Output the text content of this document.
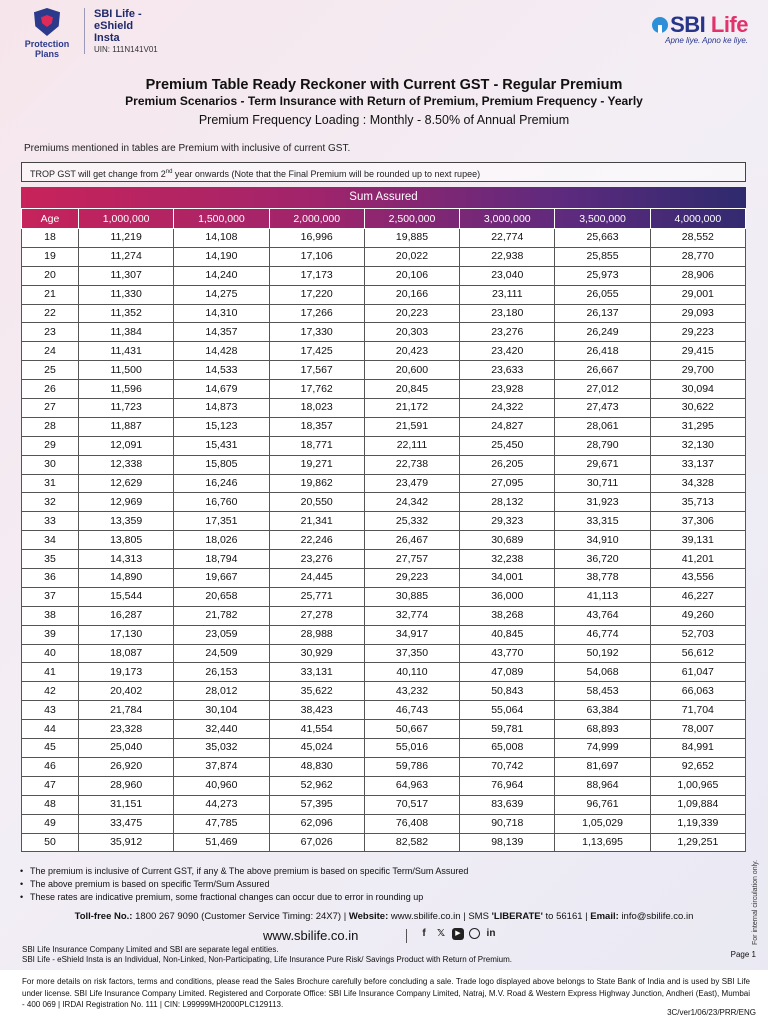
Protection Plans
SBI Life -
eShield
Insta
UIN: 111N141V01
SBI Life
Apne liye. Apno ke liye.
Premium Table Ready Reckoner with Current GST - Regular Premium
Premium Scenarios - Term Insurance with Return of Premium, Premium Frequency - Yearly
Premium Frequency Loading : Monthly - 8.50% of Annual Premium
Premiums mentioned in tables are Premium with inclusive of current GST.
TROP GST will get change from 2nd year onwards (Note that the Final Premium will be rounded up to next rupee)
Sum Assured
Age	1,000,000	1,500,000	2,000,000	2,500,000	3,000,000	3,500,000	4,000,000
18	11,219	14,108	16,996	19,885	22,774	25,663	28,552
19	11,274	14,190	17,106	20,022	22,938	25,855	28,770
20	11,307	14,240	17,173	20,106	23,040	25,973	28,906
21	11,330	14,275	17,220	20,166	23,111	26,055	29,001
22	11,352	14,310	17,266	20,223	23,180	26,137	29,093
23	11,384	14,357	17,330	20,303	23,276	26,249	29,223
24	11,431	14,428	17,425	20,423	23,420	26,418	29,415
25	11,500	14,533	17,567	20,600	23,633	26,667	29,700
26	11,596	14,679	17,762	20,845	23,928	27,012	30,094
27	11,723	14,873	18,023	21,172	24,322	27,473	30,622
28	11,887	15,123	18,357	21,591	24,827	28,061	31,295
29	12,091	15,431	18,771	22,111	25,450	28,790	32,130
30	12,338	15,805	19,271	22,738	26,205	29,671	33,137
31	12,629	16,246	19,862	23,479	27,095	30,711	34,328
32	12,969	16,760	20,550	24,342	28,132	31,923	35,713
33	13,359	17,351	21,341	25,332	29,323	33,315	37,306
34	13,805	18,026	22,246	26,467	30,689	34,910	39,131
35	14,313	18,794	23,276	27,757	32,238	36,720	41,201
36	14,890	19,667	24,445	29,223	34,001	38,778	43,556
37	15,544	20,658	25,771	30,885	36,000	41,113	46,227
38	16,287	21,782	27,278	32,774	38,268	43,764	49,260
39	17,130	23,059	28,988	34,917	40,845	46,774	52,703
40	18,087	24,509	30,929	37,350	43,770	50,192	56,612
41	19,173	26,153	33,131	40,110	47,089	54,068	61,047
42	20,402	28,012	35,622	43,232	50,843	58,453	66,063
43	21,784	30,104	38,423	46,743	55,064	63,384	71,704
44	23,328	32,440	41,554	50,667	59,781	68,893	78,007
45	25,040	35,032	45,024	55,016	65,008	74,999	84,991
46	26,920	37,874	48,830	59,786	70,742	81,697	92,652
47	28,960	40,960	52,962	64,963	76,964	88,964	1,00,965
48	31,151	44,273	57,395	70,517	83,639	96,761	1,09,884
49	33,475	47,785	62,096	76,408	90,718	1,05,029	1,19,339
50	35,912	51,469	67,026	82,582	98,139	1,13,695	1,29,251
• The premium is inclusive of Current GST, if any & The above premium is based on specific Term/Sum Assured
• The above premium is based on specific Term/Sum Assured
• These rates are indicative premium, some fractional changes can occur due to error in rounding up
Toll-free No.: 1800 267 9090 (Customer Service Timing: 24X7) | Website: www.sbilife.co.in | SMS 'LIBERATE' to 56161 | Email: info@sbilife.co.in
www.sbilife.co.in	f	𝕏	▶	in
SBI Life Insurance Company Limited and SBI are separate legal entities.
SBI Life - eShield Insta is an Individual, Non-Linked, Non-Participating, Life Insurance Pure Risk/ Savings Product with Return of Premium.
Page 1
For internal circulation only.
For more details on risk factors, terms and conditions, please read the Sales Brochure carefully before concluding a sale. Trade logo displayed above belongs to State Bank of India and is used by SBI Life under license. SBI Life Insurance Company Limited. Registered and Corporate Office: SBI Life Insurance Company Limited, Natraj, M.V. Road & Western Express Highway Junction, Andheri (East), Mumbai - 400 069 | IRDAI Registration No. 111 | CIN: L99999MH2000PLC129113.
3C/ver1/06/23/PRR/ENG
